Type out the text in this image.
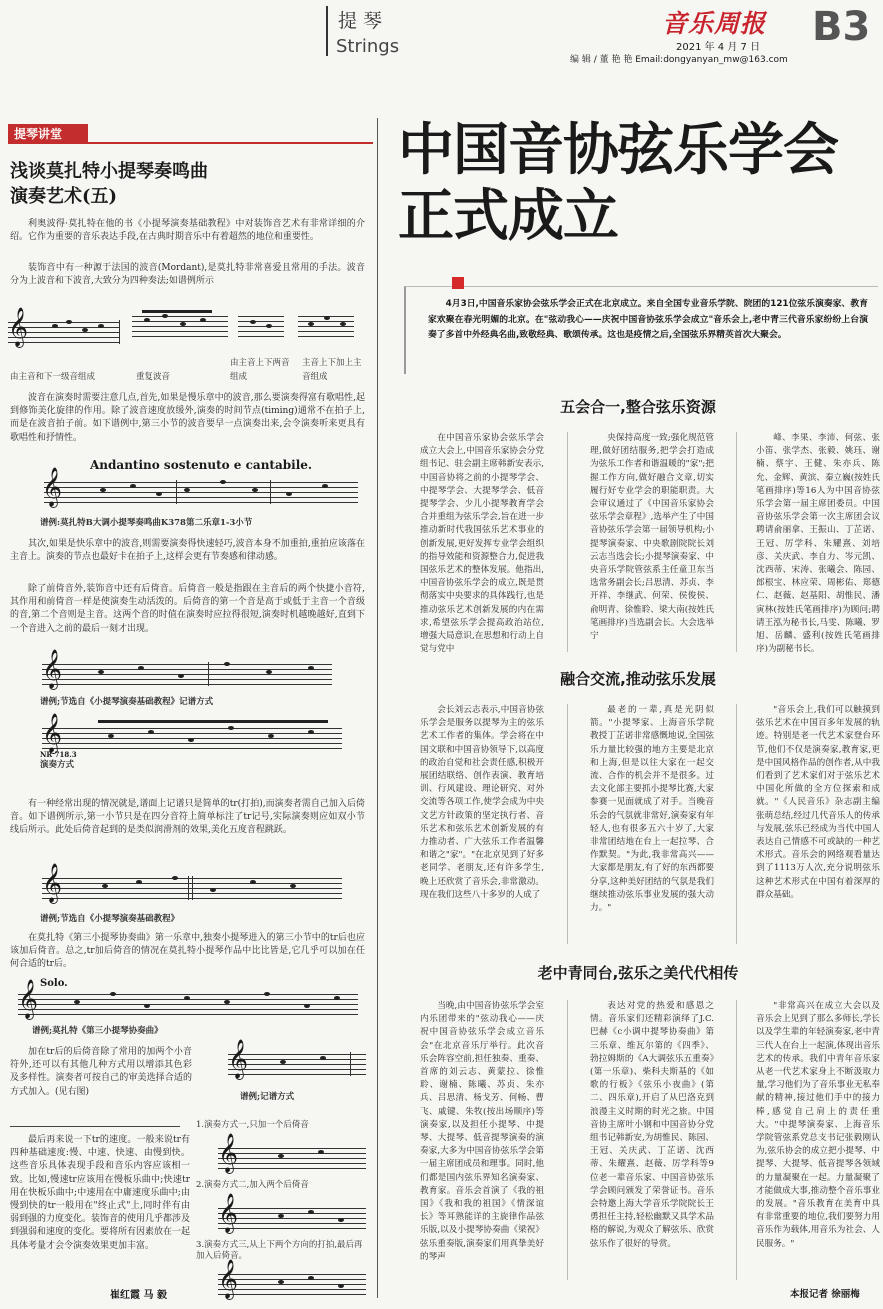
提 琴
Strings
音乐周报
2021 年 4 月 7 日
编 辑 / 董 艳 艳 Email:dongyanyan_mw@163.com
B3
提琴讲堂
浅谈莫扎特小提琴奏鸣曲
演奏艺术(五)
利奥波得·莫扎特在他的书《小提琴演奏基础教程》中对装饰音艺术有非常详细的介绍。它作为重要的音乐表达手段,在古典时期音乐中有着超然的地位和重要性。
装饰音中有一种源于法国的波音(Mordant),是莫扎特非常喜爱且常用的手法。波音分为上波音和下波音,大致分为四种奏法;如谱例所示
𝄞
由主音和下一级音组成	重复波音
由主音上下两音组成
主音上下加上主音组成
波音在演奏时需要注意几点,首先,如果是慢乐章中的波音,那么要演奏得富有歌唱性,起到修饰美化旋律的作用。除了波音速度放缓外,演奏的时间节点(timing)通常不在拍子上,而是在波音拍子前。如下谱例中,第三小节的波音要早一点演奏出来,会令演奏听来更具有歌唱性和抒情性。
Andantino sostenuto e cantabile.
𝄞
谱例:莫扎特B大调小提琴奏鸣曲K378第二乐章1-3小节
其次,如果是快乐章中的波音,则需要演奏得快速轻巧,波音本身不加重拍,重拍应该落在主音上。演奏的节点也最好卡在拍子上,这样会更有节奏感和律动感。
除了前倚音外,装饰音中还有后倚音。后倚音一般是指跟在主音后的两个快捷小音符,其作用和前倚音一样是使演奏生动活泼的。后倚音的第一个音是高于或低于主音一个音级的音,第二个音则是主音。这两个音的时值在演奏时应拉得很短,演奏时机越晚越好,直到下一个音进入之前的最后一刻才出现。
𝄞
谱例;节选自《小提琴演奏基础教程》记谱方式
𝄞
NR 718.3
演奏方式
有一种经常出现的情况就是,谱面上记谱只是简单的tr(打拍),而演奏者需自己加入后倚音。如下谱例所示,第一小节只是在四分音符上简单标注了tr记号,实际演奏则应如双小节线后所示。此处后倚音起到的是类似润滑剂的效果,美化五度音程跳跃。
𝄞
谱例;节选自《小提琴演奏基础教程》
在莫扎特《第三小提琴协奏曲》第一乐章中,独奏小提琴进入的第三小节中的tr后也应该加后倚音。总之,tr加后倚音的情况在莫扎特小提琴作品中比比皆是,它几乎可以加在任何合适的tr后。
Solo.
𝄞
谱例;莫扎特《第三小提琴协奏曲》
加在tr后的后倚音除了常用的加两个小音符外,还可以有其他几种方式用以增添其色彩及多样性。演奏者可按自己的审美选择合适的方式加入。(见右图)
𝄞
谱例;记谱方式
最后再来说一下tr的速度。一般来说tr有四种基础速度:慢、中速、快速、由慢到快。这些音乐具体表现手段和音乐内容应该相一致。比如,慢速tr应该用在慢板乐曲中;快速tr用在快板乐曲中;中速用在中庸速度乐曲中;由慢到快的tr一般用在"终止式"上,同时伴有由弱到强的力度变化。装饰音的使用几乎都涉及到强弱和速度的变化。要将所有因素放在一起具体考量才会令演奏效果更加丰富。
崔红霞 马 毅
1.演奏方式一,只加一个后倚音
𝄞
2.演奏方式二,加入两个后倚音
𝄞
3.演奏方式三,从上下两个方向的打拍,最后再加入后倚音。
𝄞
中国音协弦乐学会
正式成立
4月3日,中国音乐家协会弦乐学会正式在北京成立。来自全国专业音乐学院、院团的121位弦乐演奏家、教育家欢聚在春光明媚的北京。在"弦动我心——庆祝中国音协弦乐学会成立"音乐会上,老中青三代音乐家纷纷上台演奏了多首中外经典名曲,致敬经典、歌颂传承。这也是疫情之后,全国弦乐界精英首次大聚会。
五会合一,整合弦乐资源
在中国音乐家协会弦乐学会成立大会上,中国音乐家协会分党组书记、驻会副主席韩新安表示,中国音协将之前的小提琴学会、中提琴学会、大提琴学会、低音提琴学会、少儿小提琴教育学会合并重组为弦乐学会,旨在进一步推动新时代我国弦乐艺术事业的创新发展,更好发挥专业学会组织的指导效能和资源整合力,促进我国弦乐艺术的整体发展。他指出,中国音协弦乐学会的成立,既是贯彻落实中央要求的具体践行,也是推动弦乐艺术创新发展的内在需求,希望弦乐学会提高政治站位,增强大局意识,在思想和行动上自觉与党中
央保持高度一致;强化规范管理,做好团结服务,把学会打造成为弦乐工作者和谐温暖的"家";把握工作方向,做好融合文章,切实履行好专业学会的职能职责。大会审议通过了《中国音乐家协会弦乐学会章程》,选举产生了中国音协弦乐学会第一届领导机构;小提琴演奏家、中央歌剧院院长刘云志当选会长;小提琴演奏家、中央音乐学院管弦系主任童卫东当选常务副会长;吕思清、苏贞、李开祥、李继武、何荣、侯俊侯、俞明青、徐惟聆、梁大南(按姓氏笔画排序)当选副会长。大会选举宁
峰、李果、李沛、何弦、张小笛、张学杰、张毅、姚珏、谢楠、蔡宇、王健、朱亦兵、陈允、金辉、黄滨、秦立巍(按姓氏笔画排序)等16人为中国音协弦乐学会第一届主席团委员。中国音协弦乐学会第一次主席团会议聘请俞丽拿、王振山、丁芷诺、王冠、厉学科、朱耀熹、刘培彦、关庆武、李自力、岑元凯、沈西蒂、宋涛、张曦会、陈园、郎根宝、林应荣、周彬佑、郑德仁、赵薇、赵基阳、胡惟民、潘寅林(按姓氏笔画排序)为顾问;聘请王泓为秘书长,马雯、陈曦、罗旭、岳麟、盛利(按姓氏笔画排序)为副秘书长。
融合交流,推动弦乐发展
会长刘云志表示,中国音协弦乐学会是服务以提琴为主的弦乐艺术工作者的集体。学会将在中国文联和中国音协领导下,以高度的政治自觉和社会责任感,积极开展团结联络、创作表演、教育培训、行风建设、理论研究、对外交流等各项工作,使学会成为中央文艺方针政策的坚定执行者、音乐艺术和弦乐艺术创新发展的有力推动者、广大弦乐工作者温馨和谐之"家"。"在北京见到了好多老同学、老朋友,还有许多学生,晚上还欣赏了音乐会,非常激动。现在我们这些八十多岁的人成了
最老的一辈,真是光阴似箭。"小提琴家、上海音乐学院教授丁芷诺非常感慨地说,全国弦乐力量比较强的地方主要是北京和上海,但是以往大家在一起交流、合作的机会并不是很多。过去文化部主要抓小提琴比赛,大家参赛一见面就成了对手。当晚音乐会的气氛就非常好,演奏家有年轻人,也有很多五六十岁了,大家非常团结地在台上一起拉琴、合作默契。"为此,我非常高兴——大家都是朋友,有了好的东西都要分享,这种美好团结的气氛是我们继续推动弦乐事业发展的强大动力。"
"音乐会上,我们可以触摸到弦乐艺术在中国百多年发展的轨迹。特别是老一代艺术家登台环节,他们不仅是演奏家,教育家,更是中国风格作品的创作者,从中我们看到了艺术家们对于弦乐艺术中国化所做的全方位探索和成就。"《人民音乐》杂志副主编张萌总结,经过几代音乐人的传承与发展,弦乐已经成为当代中国人表达自己情感不可或缺的一种艺术形式。音乐会的网络观看量达到了1113万人次,充分说明弦乐这种艺术形式在中国有着深厚的群众基础。
老中青同台,弦乐之美代代相传
当晚,由中国音协弦乐学会室内乐团带来的"弦动我心——庆祝中国音协弦乐学会成立音乐会"在北京音乐厅举行。此次音乐会阵容空前,担任独奏、重奏、首席的刘云志、黄蒙拉、徐惟聆、谢楠、陈曦、苏贞、朱亦兵、吕思清、杨戈芳、何畅、曹飞、戚键、朱牧(按出场顺序)等演奏家,以及担任小提琴、中提琴、大提琴、低音提琴演奏的演奏家,大多为中国音协弦乐学会第一届主席团成员和理事。同时,他们都是国内弦乐界知名演奏家、教育家。音乐会首演了《我的祖国》《我和我的祖国》《情深谊长》等耳熟能详的主旋律作品弦乐版,以及小提琴协奏曲《梁祝》弦乐重奏版,演奏家们用真挚美好的琴声
表达对党的热爱和感恩之情。音乐家们还精彩演绎了J.C.巴赫《c小调中提琴协奏曲》第三乐章、维瓦尔第的《四季》、勃拉姆斯的《A大调弦乐五重奏》(第一乐章)、柴科夫斯基的《如歌的行板》《弦乐小夜曲》(第二、四乐章),开启了从巴洛克到浪漫主义时期的时光之旅。中国音协主席叶小钢和中国音协分党组书记韩新安,为胡惟民、陈园、王冠、关庆武、丁芷诺、沈西蒂、朱耀熹、赵薇、厉学科等9位老一辈音乐家、中国音协弦乐学会顾问颁发了荣誉证书。音乐会特邀上海大学音乐学院院长王勇担任主持,轻松幽默又具学术品格的解说,为观众了解弦乐、欣赏弦乐作了很好的导赏。
"非常高兴在成立大会以及音乐会上见到了那么多师长,学长以及学生辈的年轻演奏家,老中青三代人在台上一起演,体现出音乐艺术的传承。我们中青年音乐家从老一代艺术家身上不断汲取力量,学习他们为了音乐事业无私奉献的精神,接过他们手中的接力棒,感觉自己肩上的责任重大。"中提琴演奏家、上海音乐学院管弦系党总支书记张毅刚认为,弦乐协会的成立把小提琴、中提琴、大提琴、低音提琴各领域的力量凝聚在一起。力量凝聚了才能做成大事,推动整个音乐事业的发展。"音乐教育在美育中具有非常重要的地位,我们要努力用音乐作为载体,用音乐为社会、人民服务。"
本报记者 徐丽梅
